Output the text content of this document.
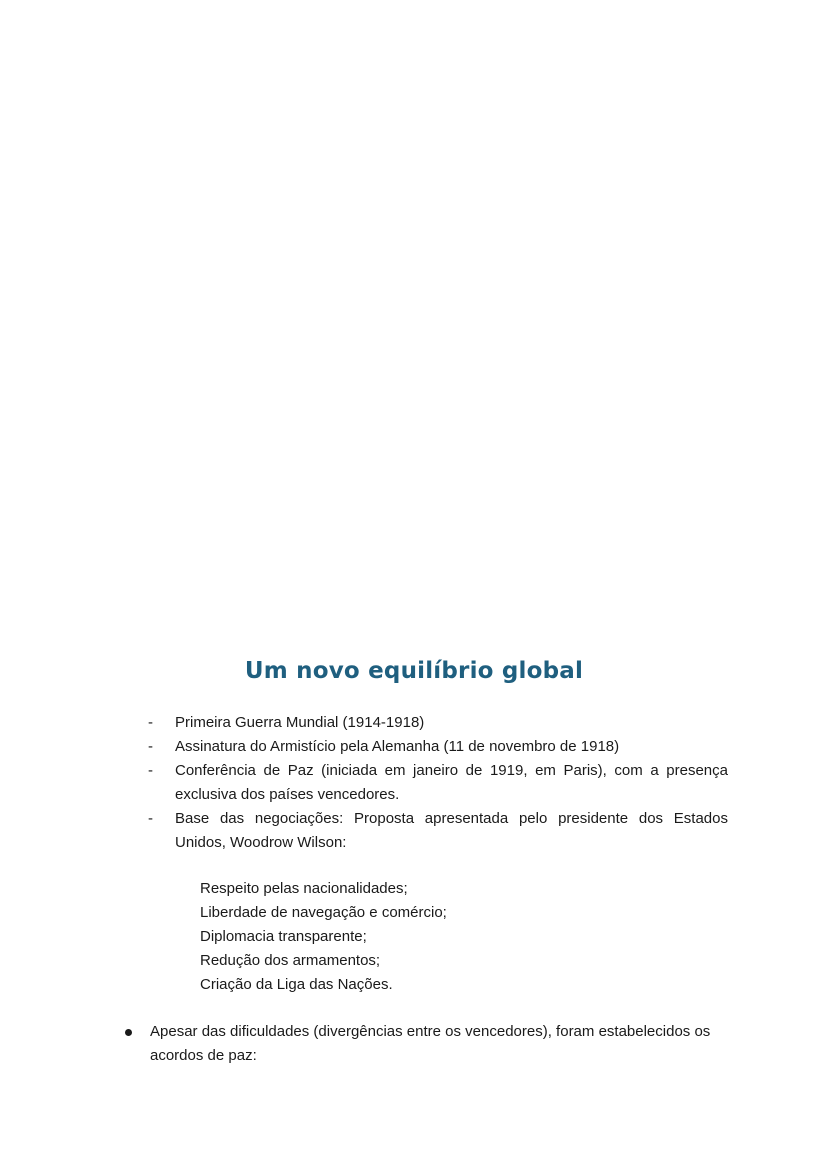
Um novo equilíbrio global
- Primeira Guerra Mundial (1914-1918)
- Assinatura do Armistício pela Alemanha (11 de novembro de 1918)
- Conferência de Paz (iniciada em janeiro de 1919, em Paris), com a presença exclusiva dos países vencedores.
- Base das negociações: Proposta apresentada pelo presidente dos Estados Unidos, Woodrow Wilson:
Respeito pelas nacionalidades;
Liberdade de navegação e comércio;
Diplomacia transparente;
Redução dos armamentos;
Criação da Liga das Nações.
Apesar das dificuldades (divergências entre os vencedores), foram estabelecidos os acordos de paz:
